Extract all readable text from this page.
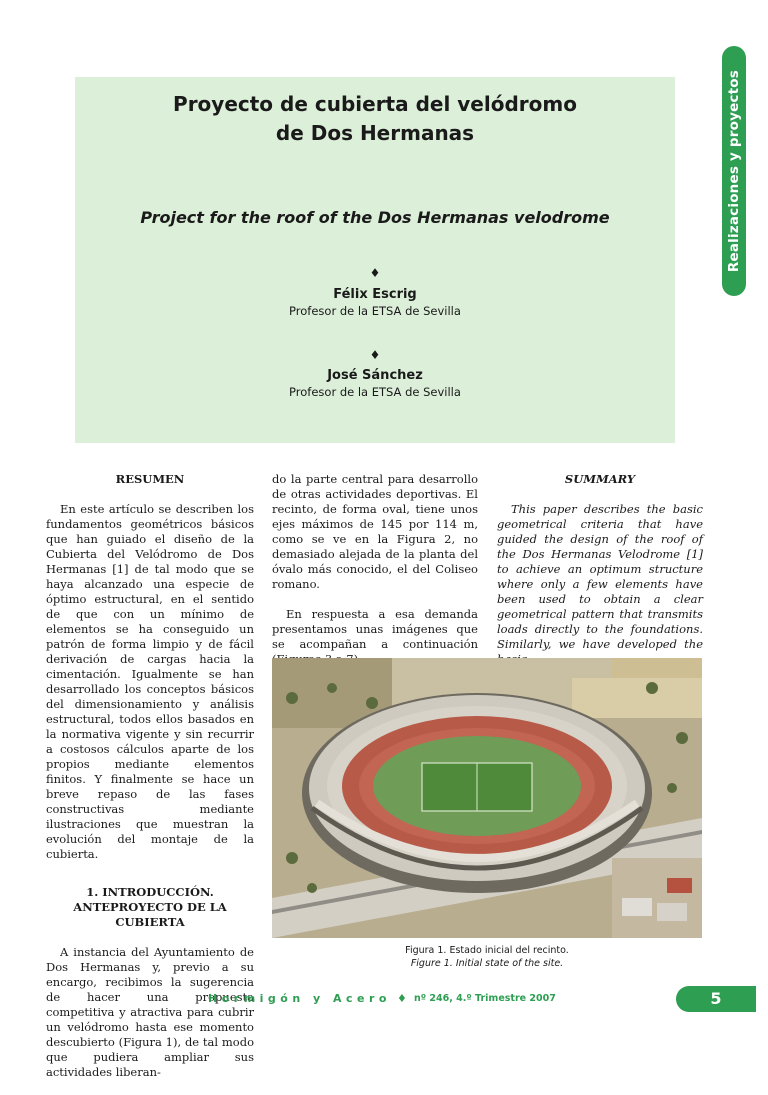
Proyecto de cubierta del velódromo
de Dos Hermanas
Project for the roof of the Dos Hermanas velodrome
♦
Félix Escrig
Profesor de la ETSA de Sevilla
♦
José Sánchez
Profesor de la ETSA de Sevilla
Realizaciones y proyectos
RESUMEN

En este artículo se describen los fundamentos geométricos básicos que han guiado el diseño de la Cubierta del Velódromo de Dos Hermanas [1] de tal modo que se haya alcanzado una especie de óptimo estructural, en el sentido de que con un mínimo de elementos se ha conseguido un patrón de forma limpio y de fácil derivación de cargas hacia la cimentación. Igualmente se han desarrollado los conceptos básicos del dimensionamiento y análisis estructural, todos ellos basados en la normativa vigente y sin recurrir a costosos cálculos aparte de los propios mediante elementos finitos. Y finalmente se hace un breve repaso de las fases constructivas mediante ilustraciones que muestran la evolución del montaje de la cubierta.

1. INTRODUCCIÓN.
ANTEPROYECTO DE LA
CUBIERTA

A instancia del Ayuntamiento de Dos Hermanas y, previo a su encargo, recibimos la sugerencia de hacer una propuesta competitiva y atractiva para cubrir un velódromo hasta ese momento descubierto (Figura 1), de tal modo que pudiera ampliar sus actividades liberan-

do la parte central para desarrollo de otras actividades deportivas. El recinto, de forma oval, tiene unos ejes máximos de 145 por 114 m, como se ve en la Figura 2, no demasiado alejada de la planta del óvalo más conocido, el del Coliseo romano.

En respuesta a esa demanda presentamos unas imágenes que se acompañan a continuación

SUMMARY

This paper describes the basic geometrical criteria that have guided the design of the roof of the Dos Hermanas Velodrome [1] to achieve an optimum structure where only a few elements have been used to obtain a clear geometrical pattern that transmits loads directly to the foundations. Similarly, we have developed the

Figura 1. Estado inicial del recinto.
Figure 1. Initial state of the site.
Hormigón y Acero ♦ nº 246, 4.º Trimestre 2007	5
